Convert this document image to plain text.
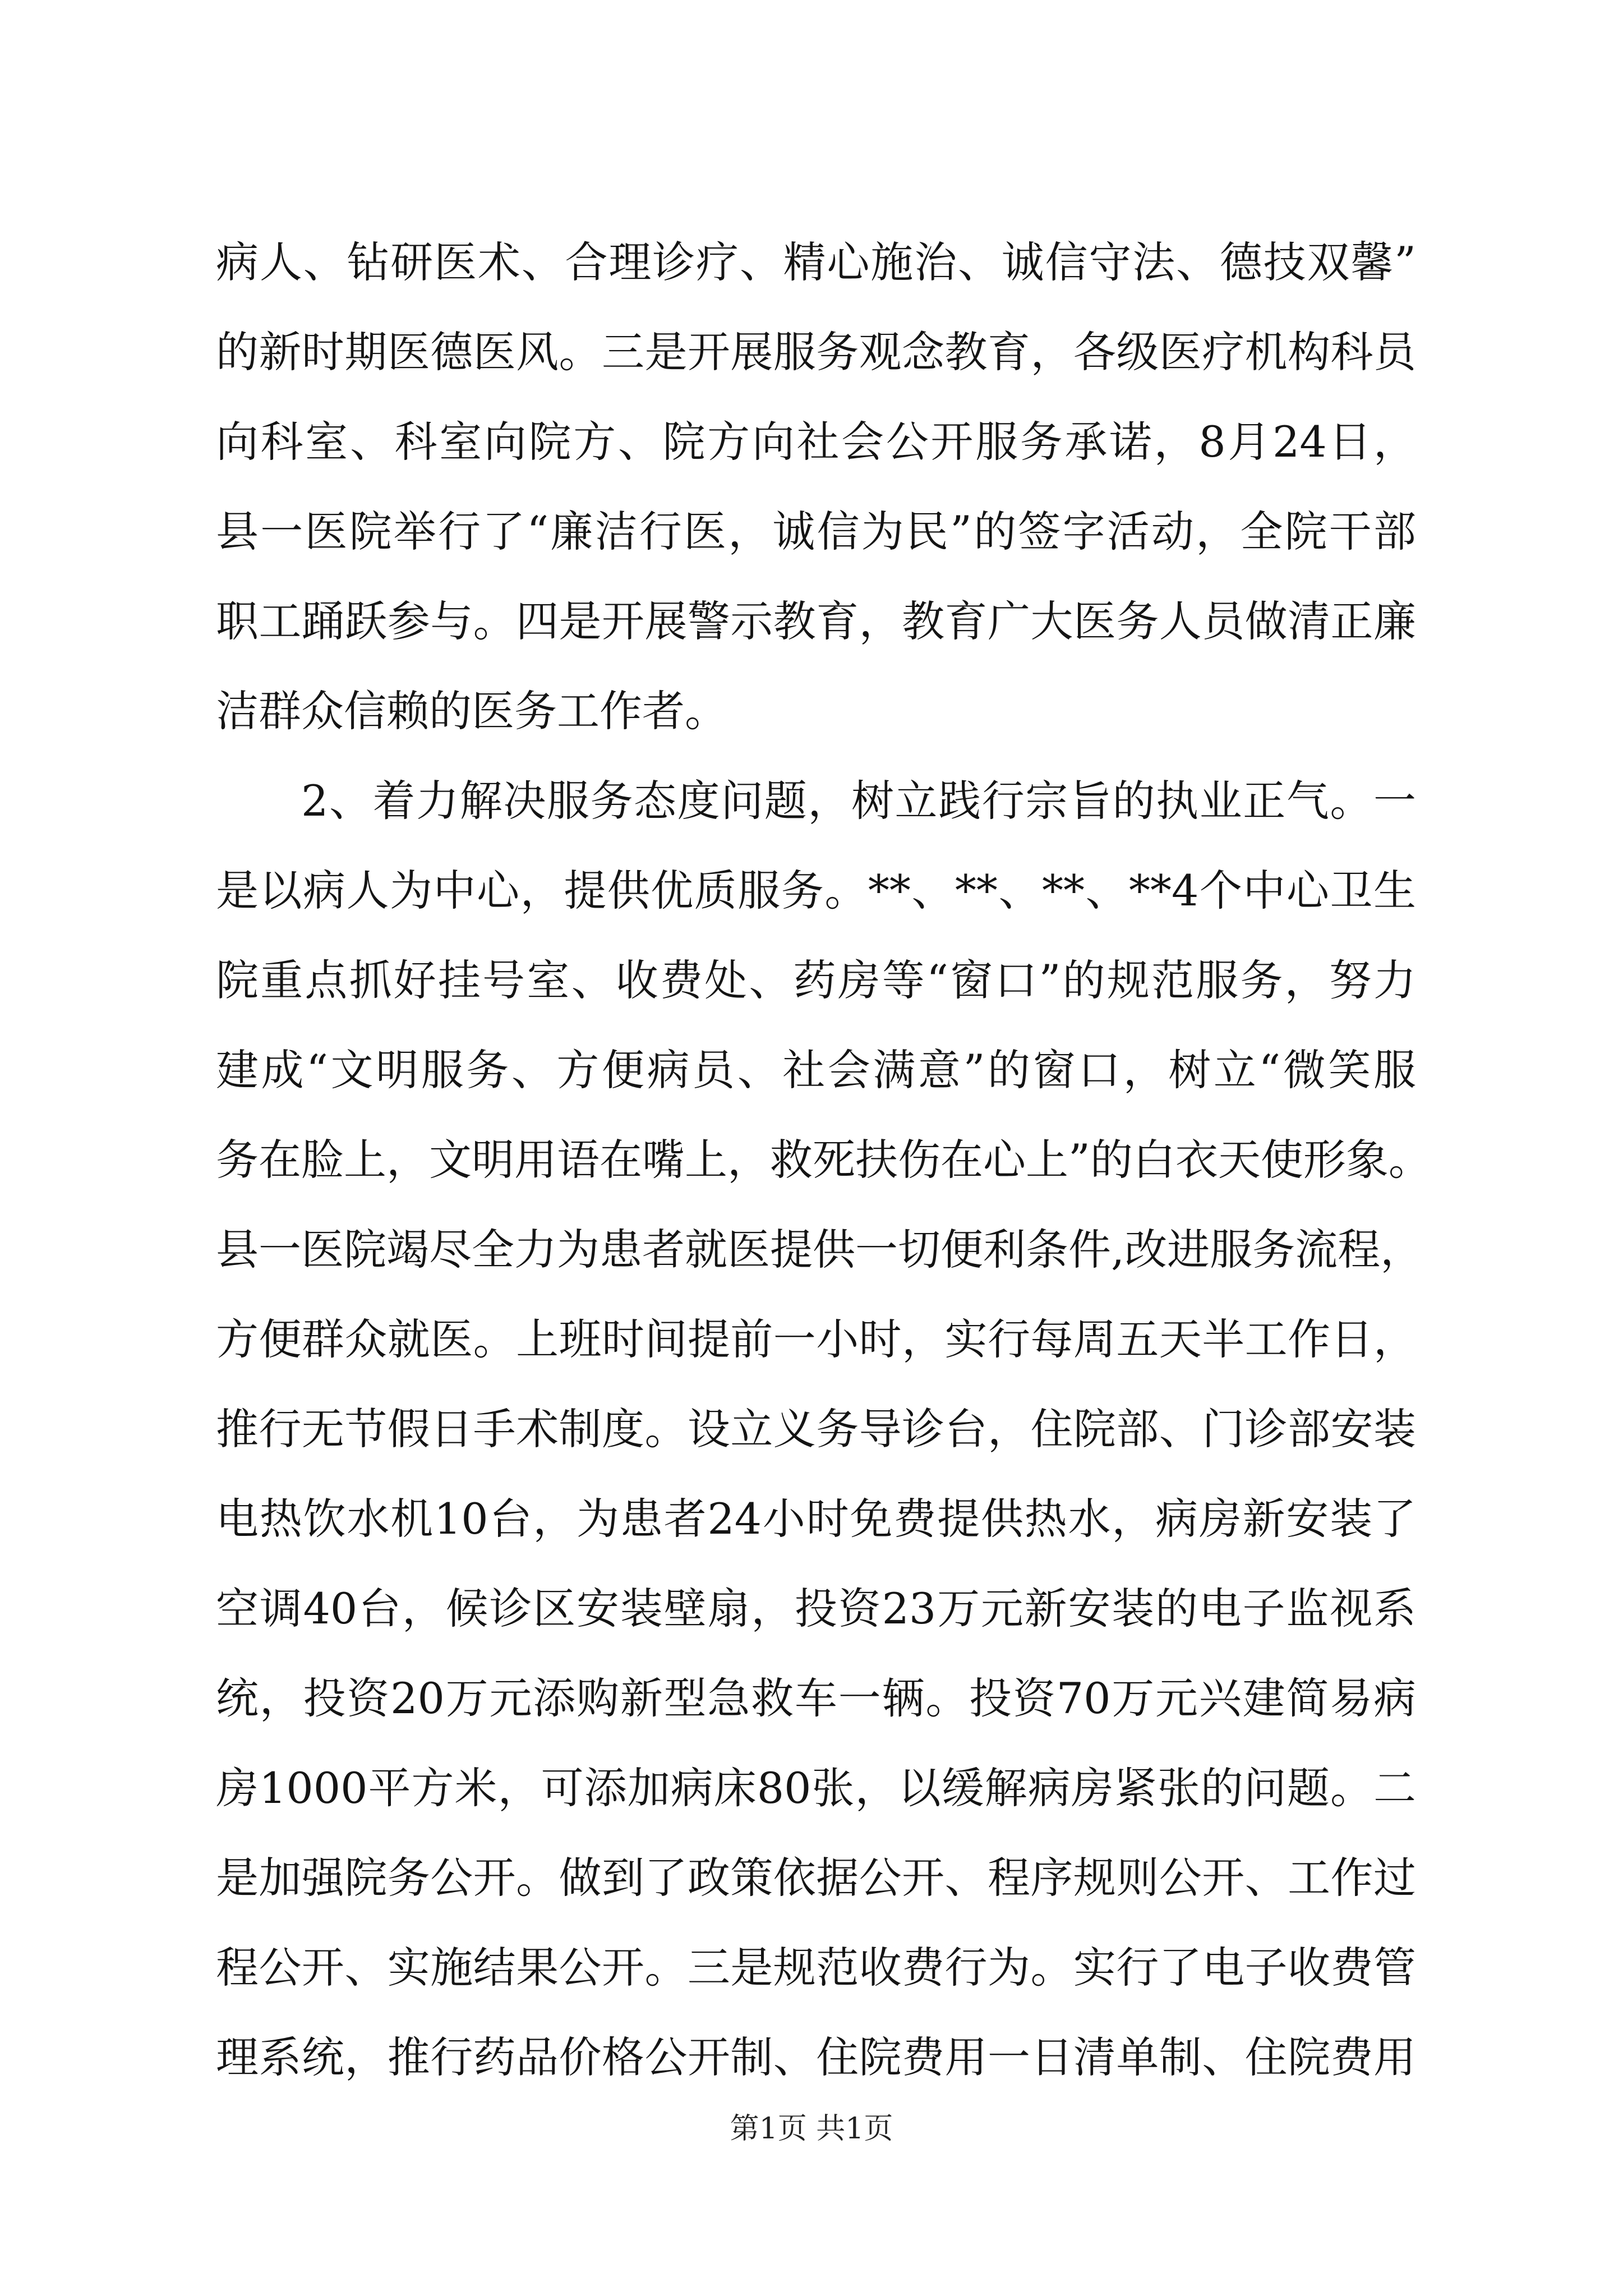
病人、钻研医术、合理诊疗、精心施治、诚信守法、德技双馨”
的新时期医德医风。三是开展服务观念教育，各级医疗机构科员
向科室、科室向院方、院方向社会公开服务承诺，8月24日，
县一医院举行了“廉洁行医，诚信为民”的签字活动，全院干部
职工踊跃参与。四是开展警示教育，教育广大医务人员做清正廉
洁群众信赖的医务工作者。
2、着力解决服务态度问题，树立践行宗旨的执业正气。一
是以病人为中心，提供优质服务。**、**、**、**4个中心卫生
院重点抓好挂号室、收费处、药房等“窗口”的规范服务，努力
建成“文明服务、方便病员、社会满意”的窗口，树立“微笑服
务在脸上，文明用语在嘴上，救死扶伤在心上”的白衣天使形象。
县一医院竭尽全力为患者就医提供一切便利条件,改进服务流程，
方便群众就医。上班时间提前一小时，实行每周五天半工作日，
推行无节假日手术制度。设立义务导诊台，住院部、门诊部安装
电热饮水机10台，为患者24小时免费提供热水，病房新安装了
空调40台，候诊区安装壁扇，投资23万元新安装的电子监视系
统，投资20万元添购新型急救车一辆。投资70万元兴建简易病
房1000平方米，可添加病床80张，以缓解病房紧张的问题。二
是加强院务公开。做到了政策依据公开、程序规则公开、工作过
程公开、实施结果公开。三是规范收费行为。实行了电子收费管
理系统，推行药品价格公开制、住院费用一日清单制、住院费用
第1页 共1页
